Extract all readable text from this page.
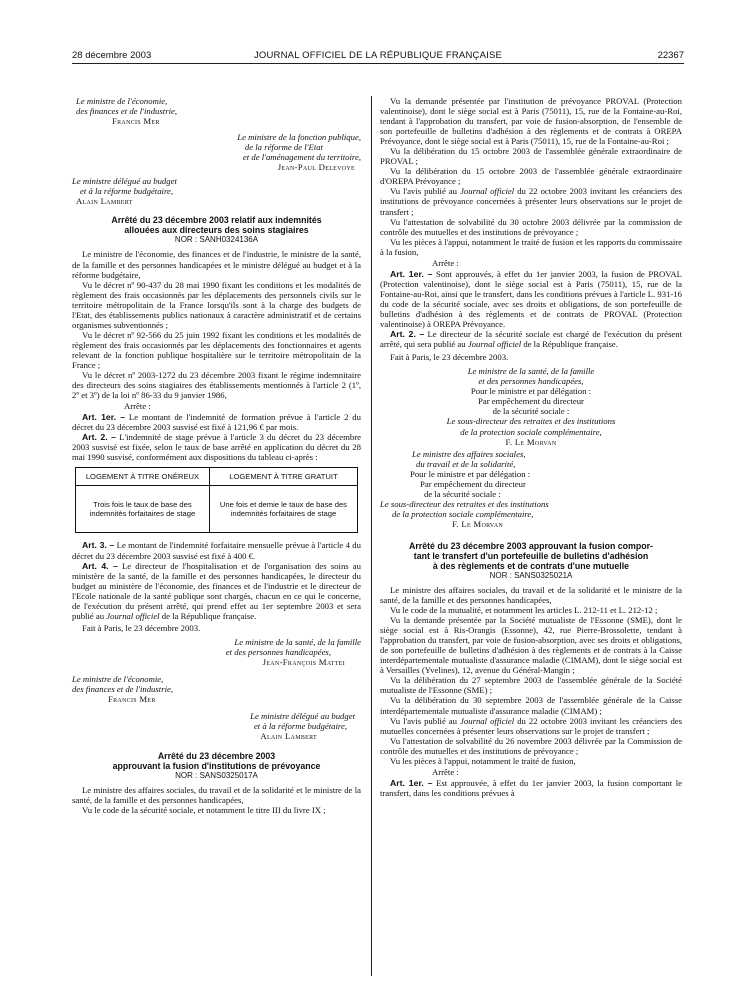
28 décembre 2003	JOURNAL OFFICIEL DE LA RÉPUBLIQUE FRANÇAISE	22367

Le ministre de l'économie,

des finances et de l'industrie,

Francis Mer

Le ministre de la fonction publique,

de la réforme de l'Etat

et de l'aménagement du territoire,

Jean-Paul Delevoye

Le ministre délégué au budget

et à la réforme budgétaire,

Alain Lambert

Arrêté du 23 décembre 2003 relatif aux indemnités

allouées aux directeurs des soins stagiaires

NOR : SANH0324136A

Le ministre de l'économie, des finances et de l'industrie, le ministre de la santé, de la famille et des personnes handicapées et le ministre délégué au budget et à la réforme budgétaire,

Vu le décret nº 90-437 du 28 mai 1990 fixant les conditions et les modalités de règlement des frais occasionnés par les déplacements des personnels civils sur le territoire métropolitain de la France lorsqu'ils sont à la charge des budgets de l'Etat, des établissements publics nationaux à caractère administratif et de certains organismes subventionnés ;

Vu le décret nº 92-566 du 25 juin 1992 fixant les conditions et les modalités de règlement des frais occasionnés par les déplacements des fonctionnaires et agents relevant de la fonction publique hospitalière sur le territoire métropolitain de la France ;

Vu le décret nº 2003-1272 du 23 décembre 2003 fixant le régime indemnitaire des directeurs des soins stagiaires des établissements mentionnés à l'article 2 (1º, 2º et 3º) de la loi nº 86-33 du 9 janvier 1986,

Arrête :

Art. 1er. – Le montant de l'indemnité de formation prévue à l'article 2 du décret du 23 décembre 2003 susvisé est fixé à 121,96 € par mois.

Art. 2. – L'indemnité de stage prévue à l'article 3 du décret du 23 décembre 2003 susvisé est fixée, selon le taux de base arrêté en application du décret du 28 mai 1990 susvisé, conformément aux dispositions du tableau ci-après :

LOGEMENT À TITRE ONÉREUX	LOGEMENT À TITRE GRATUIT
Trois fois le taux de base des indemnités forfaitaires de stage	Une fois et demie le taux de base des indemnités forfaitaires de stage

Art. 3. – Le montant de l'indemnité forfaitaire mensuelle prévue à l'article 4 du décret du 23 décembre 2003 susvisé est fixé à 400 €.

Art. 4. – Le directeur de l'hospitalisation et de l'organisation des soins au ministère de la santé, de la famille et des personnes handicapées, le directeur du budget au ministère de l'économie, des finances et de l'industrie et le directeur de l'Ecole nationale de la santé publique sont chargés, chacun en ce qui le concerne, de l'exécution du présent arrêté, qui prend effet au 1er septembre 2003 et sera publié au Journal officiel de la République française.

Fait à Paris, le 23 décembre 2003.

Le ministre de la santé, de la famille

et des personnes handicapées,

Jean-François Mattei

Le ministre de l'économie,

des finances et de l'industrie,

Francis Mer

Le ministre délégué au budget

et à la réforme budgétaire,

Alain Lambert

Arrêté du 23 décembre 2003

approuvant la fusion d'institutions de prévoyance

NOR : SANS0325017A

Le ministre des affaires sociales, du travail et de la solidarité et le ministre de la santé, de la famille et des personnes handicapées,

Vu le code de la sécurité sociale, et notamment le titre III du livre IX ;

Vu la demande présentée par l'institution de prévoyance PROVAL (Protection valentinoise), dont le siège social est à Paris (75011), 15, rue de la Fontaine-au-Roi, tendant à l'approbation du transfert, par voie de fusion-absorption, de l'ensemble de son portefeuille de bulletins d'adhésion à des règlements et de contrats à OREPA Prévoyance, dont le siège social est à Paris (75011), 15, rue de la Fontaine-au-Roi ;

Vu la délibération du 15 octobre 2003 de l'assemblée générale extraordinaire de PROVAL ;

Vu la délibération du 15 octobre 2003 de l'assemblée générale extraordinaire d'OREPA Prévoyance ;

Vu l'avis publié au Journal officiel du 22 octobre 2003 invitant les créanciers des institutions de prévoyance concernées à présenter leurs observations sur le projet de transfert ;

Vu l'attestation de solvabilité du 30 octobre 2003 délivrée par la commission de contrôle des mutuelles et des institutions de prévoyance ;

Vu les pièces à l'appui, notamment le traité de fusion et les rapports du commissaire à la fusion,

Arrête :

Art. 1er. – Sont approuvés, à effet du 1er janvier 2003, la fusion de PROVAL (Protection valentinoise), dont le siège social est à Paris (75011), 15, rue de la Fontaine-au-Roi, ainsi que le transfert, dans les conditions prévues à l'article L. 931-16 du code de la sécurité sociale, avec ses droits et obligations, de son portefeuille de bulletins d'adhésion à des règlements et de contrats de PROVAL (Protection valentinoise) à OREPA Prévoyance.

Art. 2. – Le directeur de la sécurité sociale est chargé de l'exécution du présent arrêté, qui sera publié au Journal officiel de la République française.

Fait à Paris, le 23 décembre 2003.

Le ministre de la santé, de la famille

et des personnes handicapées,

Pour le ministre et par délégation :

Par empêchement du directeur

de la sécurité sociale :

Le sous-directeur des retraites et des institutions

de la protection sociale complémentaire,

F. Le Morvan

Le ministre des affaires sociales,

du travail et de la solidarité,

Pour le ministre et par délégation :

Par empêchement du directeur

de la sécurité sociale :

Le sous-directeur des retraites et des institutions

de la protection sociale complémentaire,

F. Le Morvan

Arrêté du 23 décembre 2003 approuvant la fusion compor-

tant le transfert d'un portefeuille de bulletins d'adhésion

à des règlements et de contrats d'une mutuelle

NOR : SANS0325021A

Le ministre des affaires sociales, du travail et de la solidarité et le ministre de la santé, de la famille et des personnes handicapées,

Vu le code de la mutualité, et notamment les articles L. 212-11 et L. 212-12 ;

Vu la demande présentée par la Société mutualiste de l'Essonne (SME), dont le siège social est à Ris-Orangis (Essonne), 42, rue Pierre-Brossolette, tendant à l'approbation du transfert, par voie de fusion-absorption, avec ses droits et obligations, de son portefeuille de bulletins d'adhésion à des règlements et de contrats à la Caisse interdépartementale mutualiste d'assurance maladie (CIMAM), dont le siège social est à Versailles (Yvelines), 12, avenue du Général-Mangin ;

Vu la délibération du 27 septembre 2003 de l'assemblée générale de la Société mutualiste de l'Essonne (SME) ;

Vu la délibération du 30 septembre 2003 de l'assemblée générale de la Caisse interdépartementale mutualiste d'assurance maladie (CIMAM) ;

Vu l'avis publié au Journal officiel du 22 octobre 2003 invitant les créanciers des mutuelles concernées à présenter leurs observations sur le projet de transfert ;

Vu l'attestation de solvabilité du 26 novembre 2003 délivrée par la Commission de contrôle des mutuelles et des institutions de prévoyance ;

Vu les pièces à l'appui, notamment le traité de fusion,

Arrête :

Art. 1er. – Est approuvée, à effet du 1er janvier 2003, la fusion comportant le transfert, dans les conditions prévues à
